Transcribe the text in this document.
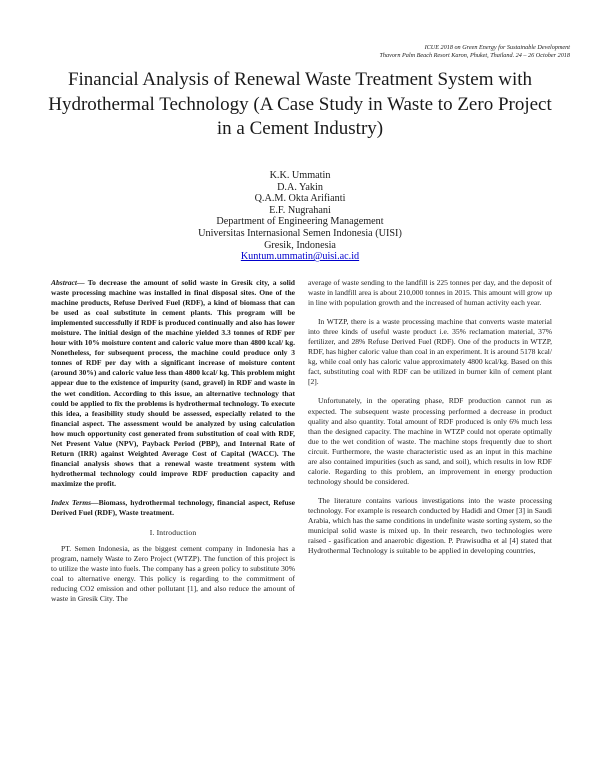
ICUE 2018 on Green Energy for Sustainable Development
Thavorn Palm Beach Resort Karon, Phuket, Thailand. 24 – 26 October 2018
Financial Analysis of Renewal Waste Treatment System with Hydrothermal Technology (A Case Study in Waste to Zero Project in a Cement Industry)
K.K. Ummatin
D.A. Yakin
Q.A.M. Okta Arifianti
E.F. Nugrahani
Department of Engineering Management
Universitas Internasional Semen Indonesia (UISI)
Gresik, Indonesia
Kuntum.ummatin@uisi.ac.id

Abstract— To decrease the amount of solid waste in Gresik city, a solid waste processing machine was installed in final disposal sites. One of the machine products, Refuse Derived Fuel (RDF), a kind of biomass that can be used as coal substitute in cement plants. This program will be implemented successfully if RDF is produced continually and also has lower moisture. The initial design of the machine yielded 3.3 tonnes of RDF per hour with 10% moisture content and caloric value more than 4800 kcal/ kg. Nonetheless, for subsequent process, the machine could produce only 3 tonnes of RDF per day with a significant increase of moisture content (around 30%) and caloric value less than 4800 kcal/ kg. This problem might appear due to the existence of impurity (sand, gravel) in RDF and waste in the wet condition. According to this issue, an alternative technology that could be applied to fix the problems is hydrothermal technology. To execute this idea, a feasibility study should be assessed, especially related to the financial aspect. The assessment would be analyzed by using calculation how much opportunity cost generated from substitution of coal with RDF, Net Present Value (NPV), Payback Period (PBP), and Internal Rate of Return (IRR) against Weighted Average Cost of Capital (WACC). The financial analysis shows that a renewal waste treatment system with hydrothermal technology could improve RDF production capacity and maximize the profit.

Index Terms—Biomass, hydrothermal technology, financial aspect, Refuse Derived Fuel (RDF), Waste treatment.

I. Introduction

PT. Semen Indonesia, as the biggest cement company in Indonesia has a program, namely Waste to Zero Project (WTZP). The function of this project is to utilize the waste into fuels. The company has a green policy to substitute 30% coal to alternative energy. This policy is regarding to the commitment of reducing CO2 emission and other pollutant [1], and also reduce the amount of waste in Gresik City. The

average of waste sending to the landfill is 225 tonnes per day, and the deposit of waste in landfill area is about 210,000 tonnes in 2015. This amount will grow up in line with population growth and the increased of human activity each year.

In WTZP, there is a waste processing machine that converts waste material into three kinds of useful waste product i.e. 35% reclamation material, 37% fertilizer, and 28% Refuse Derived Fuel (RDF). One of the products in WTZP, RDF, has higher caloric value than coal in an experiment. It is around 5178 kcal/ kg, while coal only has caloric value approximately 4800 kcal/kg. Based on this fact, substituting coal with RDF can be utilized in burner kiln of cement plant [2].

Unfortunately, in the operating phase, RDF production cannot run as expected. The subsequent waste processing performed a decrease in product quality and also quantity. Total amount of RDF produced is only 6% much less than the designed capacity. The machine in WTZP could not operate optimally due to the wet condition of waste. The machine stops frequently due to short circuit. Furthermore, the waste characteristic used as an input in this machine are also contained impurities (such as sand, and soil), which results in low RDF calorie. Regarding to this problem, an improvement in energy production technology should be considered.

The literature contains various investigations into the waste processing technology. For example is research conducted by Hadidi and Omer [3] in Saudi Arabia, which has the same conditions in undefinite waste sorting system, so the municipal solid waste is mixed up. In their research, two technologies were raised - gasification and anaerobic digestion. P. Prawisudha et al [4] stated that Hydrothermal Technology is suitable to be applied in developing countries,
